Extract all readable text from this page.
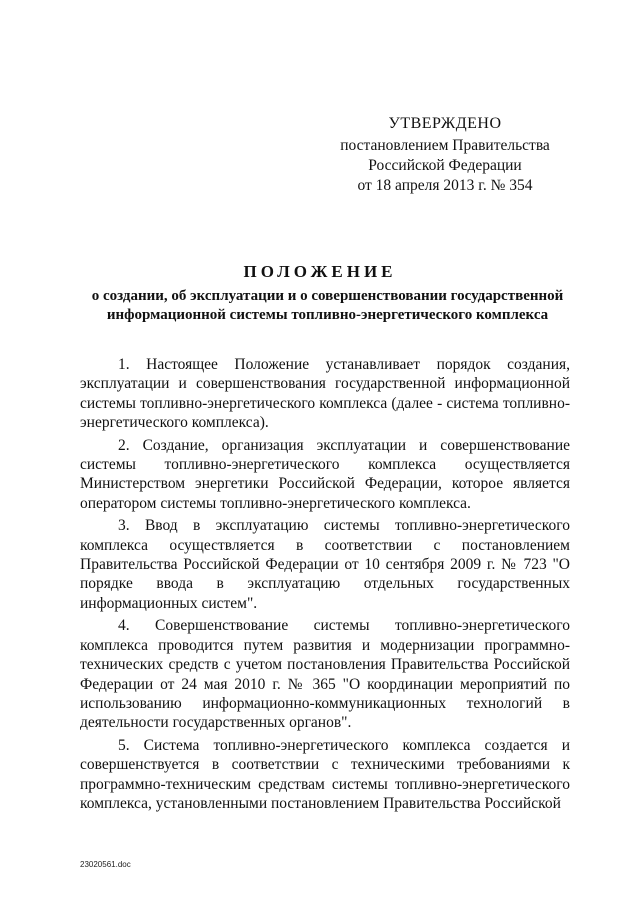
УТВЕРЖДЕНО
постановлением Правительства
Российской Федерации
от 18 апреля 2013 г. № 354
ПОЛОЖЕНИЕ
о создании, об эксплуатации и о совершенствовании государственной информационной системы топливно-энергетического комплекса

1. Настоящее Положение устанавливает порядок создания, эксплуатации и совершенствования государственной информационной системы топливно-энергетического комплекса (далее - система топливно-энергетического комплекса).

2. Создание, организация эксплуатации и совершенствование системы топливно-энергетического комплекса осуществляется Министерством энергетики Российской Федерации, которое является оператором системы топливно-энергетического комплекса.

3. Ввод в эксплуатацию системы топливно-энергетического комплекса осуществляется в соответствии с постановлением Правительства Российской Федерации от 10 сентября 2009 г. № 723 "О порядке ввода в эксплуатацию отдельных государственных информационных систем".

4. Совершенствование системы топливно-энергетического комплекса проводится путем развития и модернизации программно-технических средств с учетом постановления Правительства Российской Федерации от 24 мая 2010 г. № 365 "О координации мероприятий по использованию информационно-коммуникационных технологий в деятельности государственных органов".

5. Система топливно-энергетического комплекса создается и совершенствуется в соответствии с техническими требованиями к программно-техническим средствам системы топливно-энергетического комплекса, установленными постановлением Правительства Российской

23020561.doc
